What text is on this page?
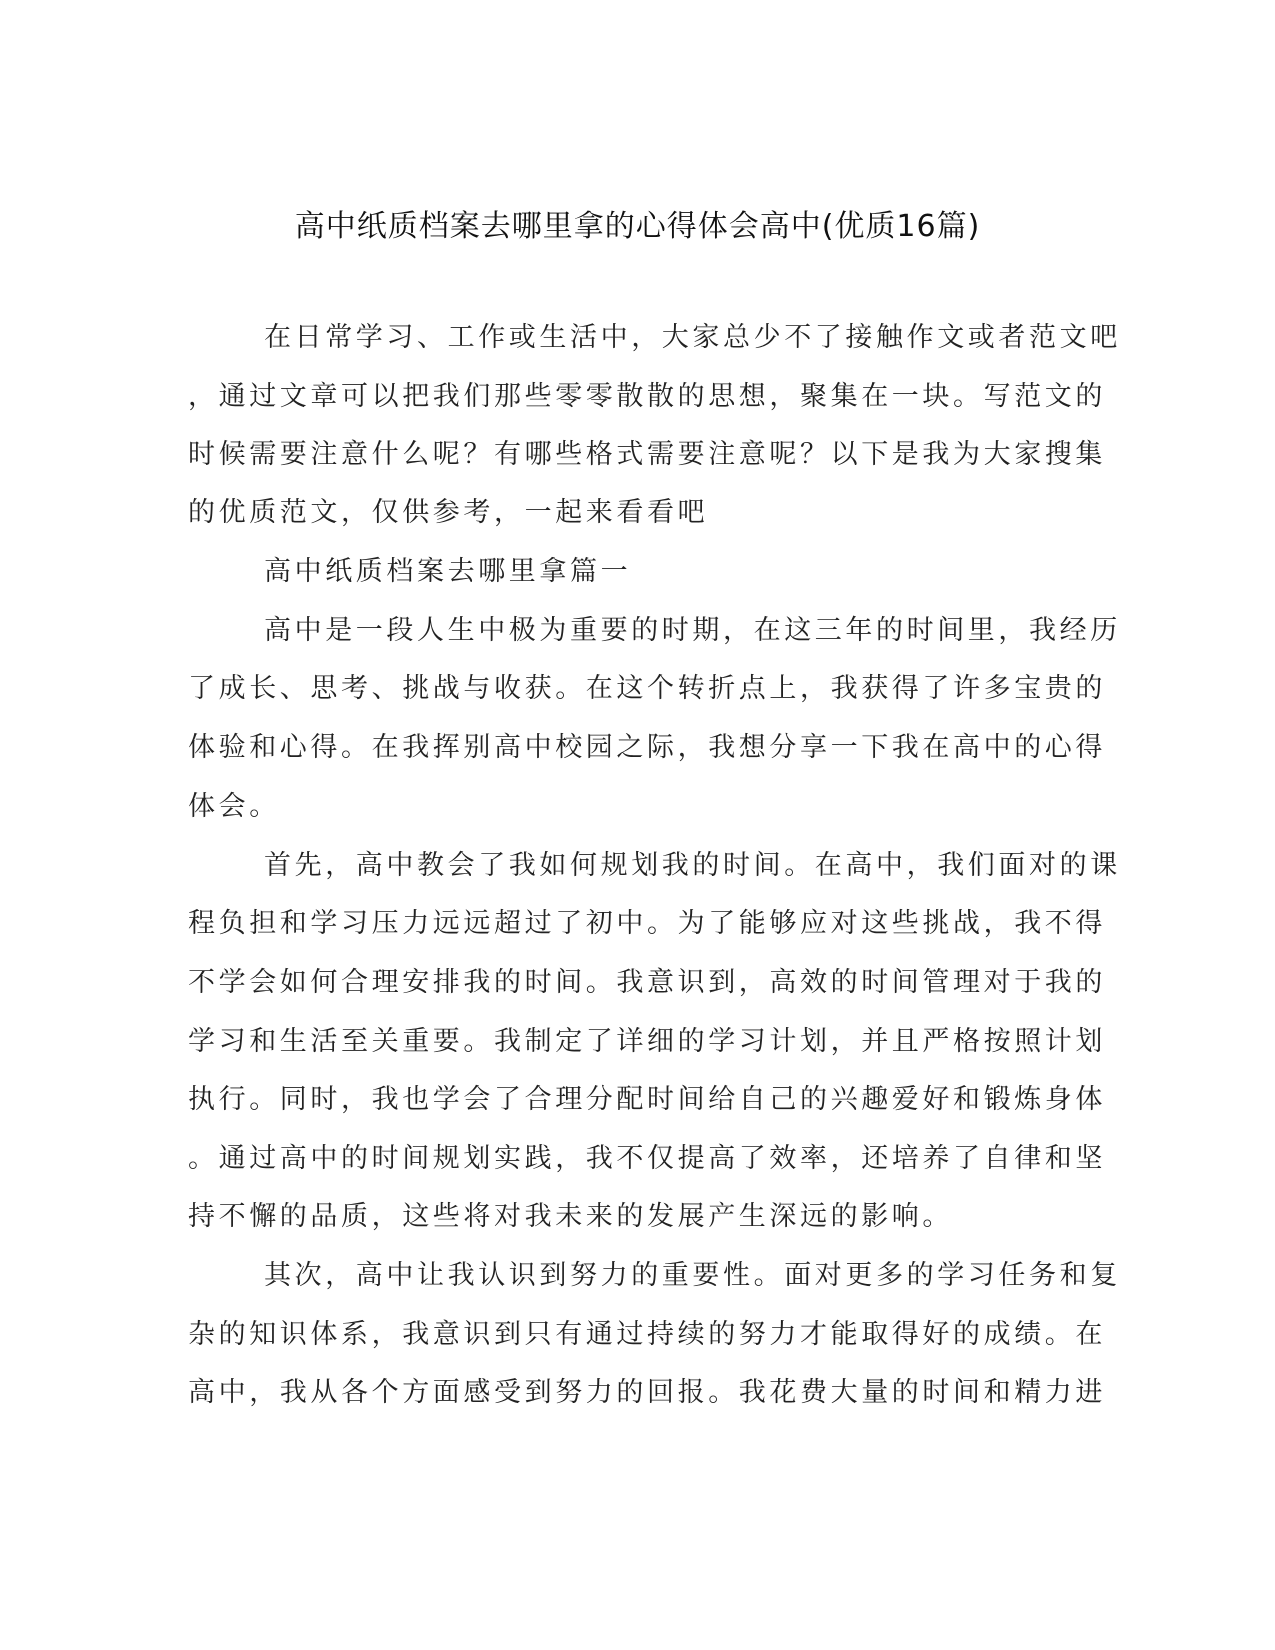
高中纸质档案去哪里拿的心得体会高中(优质16篇)
在日常学习、工作或生活中，大家总少不了接触作文或者范文吧
，通过文章可以把我们那些零零散散的思想，聚集在一块。写范文的
时候需要注意什么呢？有哪些格式需要注意呢？以下是我为大家搜集
的优质范文，仅供参考，一起来看看吧
高中纸质档案去哪里拿篇一
高中是一段人生中极为重要的时期，在这三年的时间里，我经历
了成长、思考、挑战与收获。在这个转折点上，我获得了许多宝贵的
体验和心得。在我挥别高中校园之际，我想分享一下我在高中的心得
体会。
首先，高中教会了我如何规划我的时间。在高中，我们面对的课
程负担和学习压力远远超过了初中。为了能够应对这些挑战，我不得
不学会如何合理安排我的时间。我意识到，高效的时间管理对于我的
学习和生活至关重要。我制定了详细的学习计划，并且严格按照计划
执行。同时，我也学会了合理分配时间给自己的兴趣爱好和锻炼身体
。通过高中的时间规划实践，我不仅提高了效率，还培养了自律和坚
持不懈的品质，这些将对我未来的发展产生深远的影响。
其次，高中让我认识到努力的重要性。面对更多的学习任务和复
杂的知识体系，我意识到只有通过持续的努力才能取得好的成绩。在
高中，我从各个方面感受到努力的回报。我花费大量的时间和精力进
